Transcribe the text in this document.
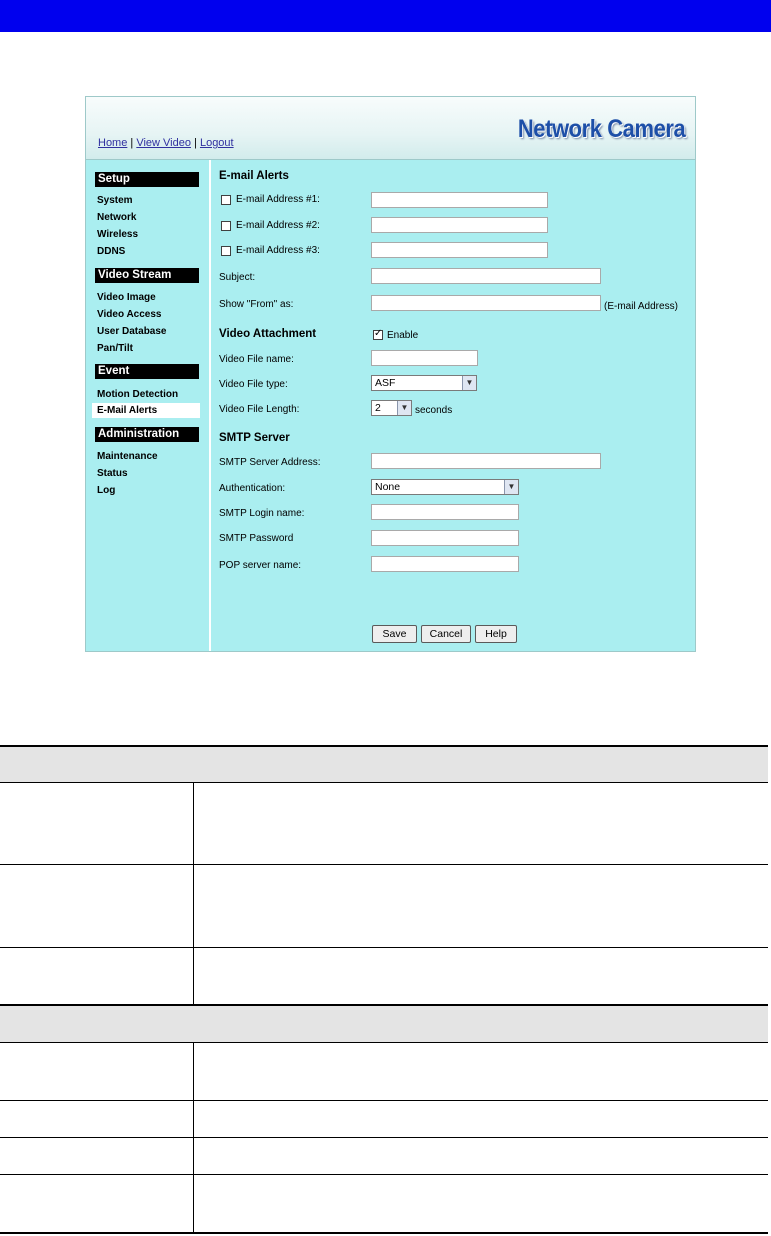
Home | View Video | Logout	Network Camera
Setup
System
Network
Wireless
DDNS
Video Stream
Video Image
Video Access
User Database
Pan/Tilt
Event
Motion Detection
E-Mail Alerts
Administration
Maintenance
Status
Log
E-mail Alerts
E-mail Address #1:
E-mail Address #2:
E-mail Address #3:
Subject:
Show "From" as:	(E-mail Address)
Video Attachment
✓	Enable
Video File name:
Video File type:	ASF	▼
Video File Length:	2	▼ seconds
SMTP Server
SMTP Server Address:
Authentication:	None	▼
SMTP Login name:
SMTP Password
POP server name:
Save	Cancel	Help
